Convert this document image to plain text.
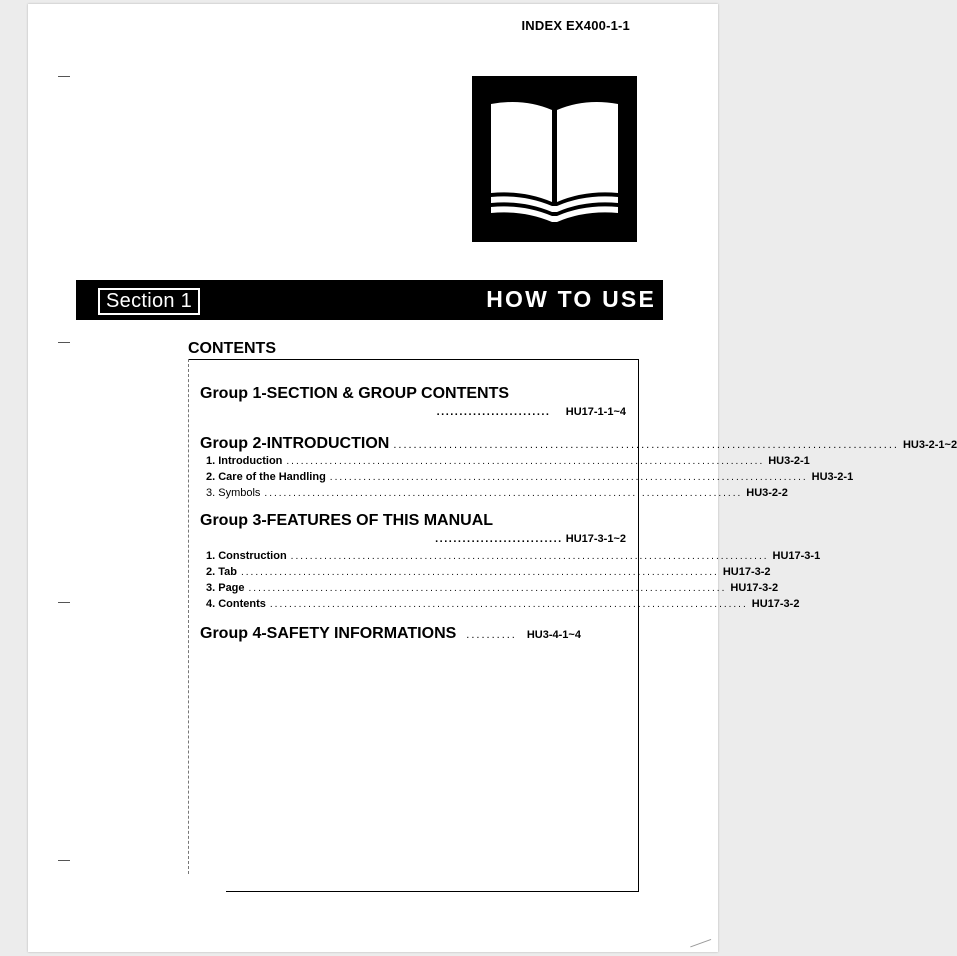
INDEX EX400-1-1
Section 1	HOW TO USE
CONTENTS
Group 1-SECTION & GROUP CONTENTS
......................... HU17-1-1~4
Group 2-INTRODUCTION .................................................................................................... HU3-2-1~2
1. Introduction .................................................................................................... HU3-2-1
2. Care of the Handling .................................................................................................... HU3-2-1
3. Symbols .................................................................................................... HU3-2-2
Group 3-FEATURES OF THIS MANUAL
............................ HU17-3-1~2
1. Construction .................................................................................................... HU17-3-1
2. Tab .................................................................................................... HU17-3-2
3. Page .................................................................................................... HU17-3-2
4. Contents .................................................................................................... HU17-3-2
Group 4-SAFETY INFORMATIONS .......... HU3-4-1~4
